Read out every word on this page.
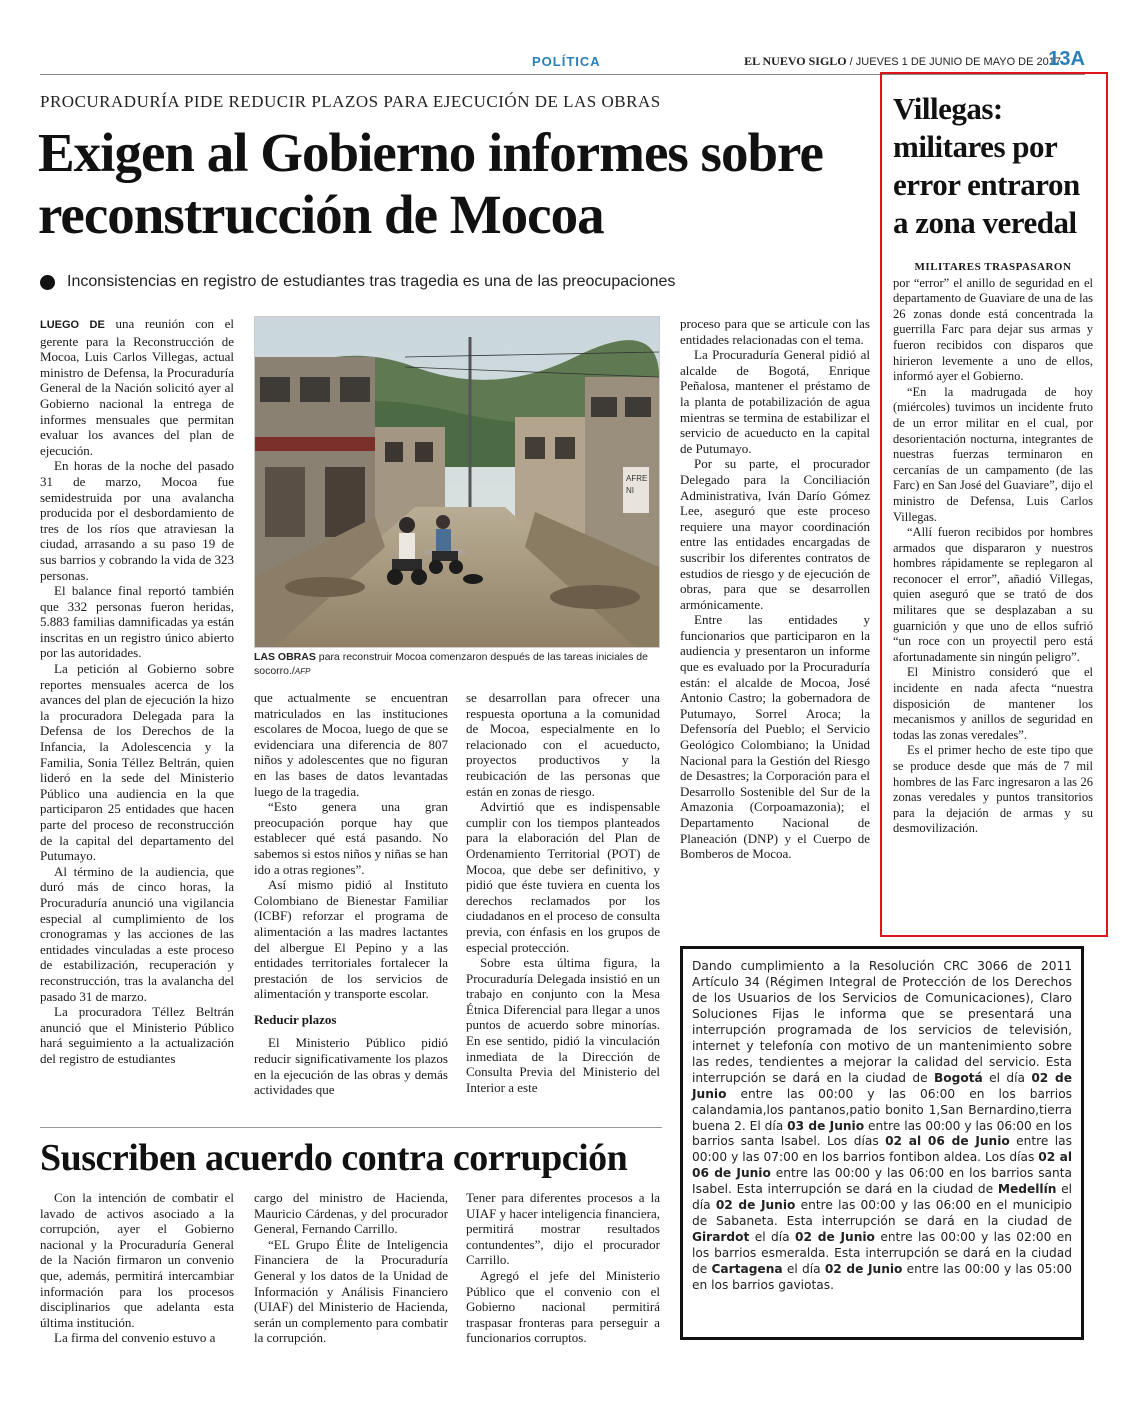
POLÍTICA	EL NUEVO SIGLO / JUEVES 1 DE JUNIO DE MAYO DE 2017
13A
PROCURADURÍA PIDE REDUCIR PLAZOS PARA EJECUCIÓN DE LAS OBRAS
Exigen al Gobierno informes sobre reconstrucción de Mocoa
Inconsistencias en registro de estudiantes tras tragedia es una de las preocupaciones

LUEGO DE una reunión con el gerente para la Reconstrucción de Mocoa, Luis Carlos Villegas, actual ministro de Defensa, la Procuraduría General de la Nación solicitó ayer al Gobierno nacional la entrega de informes mensuales que permitan evaluar los avances del plan de ejecución.

En horas de la noche del pasado 31 de marzo, Mocoa fue semidestruida por una avalancha producida por el desbordamiento de tres de los ríos que atraviesan la ciudad, arrasando a su paso 19 de sus barrios y cobrando la vida de 323 personas.

El balance final reportó también que 332 personas fueron heridas, 5.883 familias damnificadas ya están inscritas en un registro único abierto por las autoridades.

La petición al Gobierno sobre reportes mensuales acerca de los avances del plan de ejecución la hizo la procuradora Delegada para la Defensa de los Derechos de la Infancia, la Adolescencia y la Familia, Sonia Téllez Beltrán, quien lideró en la sede del Ministerio Público una audiencia en la que participaron 25 entidades que hacen parte del proceso de reconstrucción de la capital del departamento del Putumayo.

Al término de la audiencia, que duró más de cinco horas, la Procuraduría anunció una vigilancia especial al cumplimiento de los cronogramas y las acciones de las entidades vinculadas a este proceso de estabilización, recuperación y reconstrucción, tras la avalancha del pasado 31 de marzo.

La procuradora Téllez Beltrán anunció que el Ministerio Público hará seguimiento a la actualización del registro de estudiantes

AFRE
NI
LAS OBRAS para reconstruir Mocoa comenzaron después de las tareas iniciales de socorro./AFP

que actualmente se encuentran matriculados en las instituciones escolares de Mocoa, luego de que se evidenciara una diferencia de 807 niños y adolescentes que no figuran en las bases de datos levantadas luego de la tragedia.

“Esto genera una gran preocupación porque hay que establecer qué está pasando. No sabemos si estos niños y niñas se han ido a otras regiones”.

Así mismo pidió al Instituto Colombiano de Bienestar Familiar (ICBF) reforzar el programa de alimentación a las madres lactantes del albergue El Pepino y a las entidades territoriales fortalecer la prestación de los servicios de alimentación y transporte escolar.

Reducir plazos

El Ministerio Público pidió reducir significativamente los plazos en la ejecución de las obras y demás actividades que

se desarrollan para ofrecer una respuesta oportuna a la comunidad de Mocoa, especialmente en lo relacionado con el acueducto, proyectos productivos y la reubicación de las personas que están en zonas de riesgo.

Advirtió que es indispensable cumplir con los tiempos planteados para la elaboración del Plan de Ordenamiento Territorial (POT) de Mocoa, que debe ser definitivo, y pidió que éste tuviera en cuenta los derechos reclamados por los ciudadanos en el proceso de consulta previa, con énfasis en los grupos de especial protección.

Sobre esta última figura, la Procuraduría Delegada insistió en un trabajo en conjunto con la Mesa Étnica Diferencial para llegar a unos puntos de acuerdo sobre minorías. En ese sentido, pidió la vinculación inmediata de la Dirección de Consulta Previa del Ministerio del Interior a este

proceso para que se articule con las entidades relacionadas con el tema.

La Procuraduría General pidió al alcalde de Bogotá, Enrique Peñalosa, mantener el préstamo de la planta de potabilización de agua mientras se termina de estabilizar el servicio de acueducto en la capital de Putumayo.

Por su parte, el procurador Delegado para la Conciliación Administrativa, Iván Darío Gómez Lee, aseguró que este proceso requiere una mayor coordinación entre las entidades encargadas de suscribir los diferentes contratos de estudios de riesgo y de ejecución de obras, para que se desarrollen armónicamente.

Entre las entidades y funcionarios que participaron en la audiencia y presentaron un informe que es evaluado por la Procuraduría están: el alcalde de Mocoa, José Antonio Castro; la gobernadora de Putumayo, Sorrel Aroca; la Defensoría del Pueblo; el Servicio Geológico Colombiano; la Unidad Nacional para la Gestión del Riesgo de Desastres; la Corporación para el Desarrollo Sostenible del Sur de la Amazonia (Corpoamazonia); el Departamento Nacional de Planeación (DNP) y el Cuerpo de Bomberos de Mocoa.

Villegas: militares por error entraron a zona veredal
MILITARES TRASPASARON

por “error” el anillo de seguridad en el departamento de Guaviare de una de las 26 zonas donde está concentrada la guerrilla Farc para dejar sus armas y fueron recibidos con disparos que hirieron levemente a uno de ellos, informó ayer el Gobierno.

“En la madrugada de hoy (miércoles) tuvimos un incidente fruto de un error militar en el cual, por desorientación nocturna, integrantes de nuestras fuerzas terminaron en cercanías de un campamento (de las Farc) en San José del Guaviare”, dijo el ministro de Defensa, Luis Carlos Villegas.

“Allí fueron recibidos por hombres armados que dispararon y nuestros hombres rápidamente se replegaron al reconocer el error”, añadió Villegas, quien aseguró que se trató de dos militares que se desplazaban a su guarnición y que uno de ellos sufrió “un roce con un proyectil pero está afortunadamente sin ningún peligro”.

El Ministro consideró que el incidente en nada afecta “nuestra disposición de mantener los mecanismos y anillos de seguridad en todas las zonas veredales”.

Es el primer hecho de este tipo que se produce desde que más de 7 mil hombres de las Farc ingresaron a las 26 zonas veredales y puntos transitorios para la dejación de armas y su desmovilización.

Suscriben acuerdo contra corrupción

Con la intención de combatir el lavado de activos asociado a la corrupción, ayer el Gobierno nacional y la Procuraduría General de la Nación firmaron un convenio que, además, permitirá intercambiar información para los procesos disciplinarios que adelanta esta última institución.

La firma del convenio estuvo a

cargo del ministro de Hacienda, Mauricio Cárdenas, y del procurador General, Fernando Carrillo.

“EL Grupo Élite de Inteligencia Financiera de la Procuraduría General y los datos de la Unidad de Información y Análisis Financiero (UIAF) del Ministerio de Hacienda, serán un complemento para combatir la corrupción.

Tener para diferentes procesos a la UIAF y hacer inteligencia financiera, permitirá mostrar resultados contundentes”, dijo el procurador Carrillo.

Agregó el jefe del Ministerio Público que el convenio con el Gobierno nacional permitirá traspasar fronteras para perseguir a funcionarios corruptos.

Dando cumplimiento a la Resolución CRC 3066 de 2011 Artículo 34 (Régimen Integral de Protección de los Derechos de los Usuarios de los Servicios de Comunicaciones), Claro Soluciones Fijas le informa que se presentará una interrupción programada de los servicios de televisión, internet y telefonía con motivo de un mantenimiento sobre las redes, tendientes a mejorar la calidad del servicio. Esta interrupción se dará en la ciudad de Bogotá el día 02 de Junio entre las 00:00 y las 06:00 en los barrios calandamia,los pantanos,patio bonito 1,San Bernardino,tierra buena 2. El día 03 de Junio entre las 00:00 y las 06:00 en los barrios santa Isabel. Los días 02 al 06 de Junio entre las 00:00 y las 07:00 en los barrios fontibon aldea. Los días 02 al 06 de Junio entre las 00:00 y las 06:00 en los barrios santa Isabel. Esta interrupción se dará en la ciudad de Medellín el día 02 de Junio entre las 00:00 y las 06:00 en el municipio de Sabaneta. Esta interrupción se dará en la ciudad de Girardot el día 02 de Junio entre las 00:00 y las 02:00 en los barrios esmeralda. Esta interrupción se dará en la ciudad de Cartagena el día 02 de Junio entre las 00:00 y las 05:00 en los barrios gaviotas.
